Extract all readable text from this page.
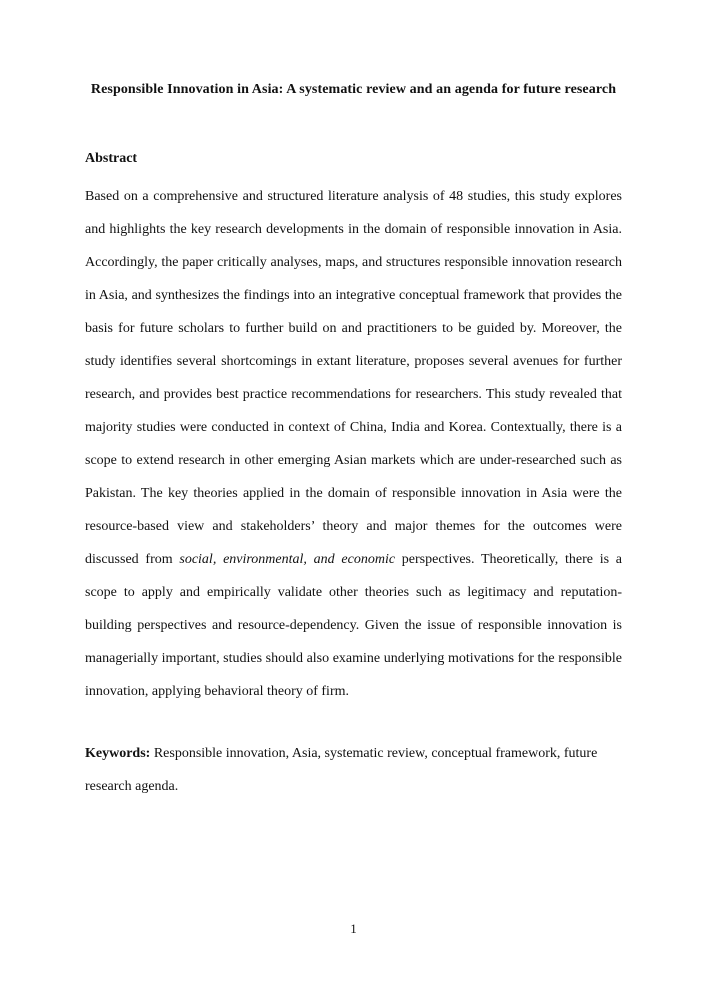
Responsible Innovation in Asia: A systematic review and an agenda for future research
Abstract

Based on a comprehensive and structured literature analysis of 48 studies, this study explores and highlights the key research developments in the domain of responsible innovation in Asia. Accordingly, the paper critically analyses, maps, and structures responsible innovation research in Asia, and synthesizes the findings into an integrative conceptual framework that provides the basis for future scholars to further build on and practitioners to be guided by. Moreover, the study identifies several shortcomings in extant literature, proposes several avenues for further research, and provides best practice recommendations for researchers. This study revealed that majority studies were conducted in context of China, India and Korea. Contextually, there is a scope to extend research in other emerging Asian markets which are under-researched such as Pakistan. The key theories applied in the domain of responsible innovation in Asia were the resource-based view and stakeholders’ theory and major themes for the outcomes were discussed from social, environmental, and economic perspectives. Theoretically, there is a scope to apply and empirically validate other theories such as legitimacy and reputation-building perspectives and resource-dependency. Given the issue of responsible innovation is managerially important, studies should also examine underlying motivations for the responsible innovation, applying behavioral theory of firm.

Keywords: Responsible innovation, Asia, systematic review, conceptual framework, future research agenda.

1
